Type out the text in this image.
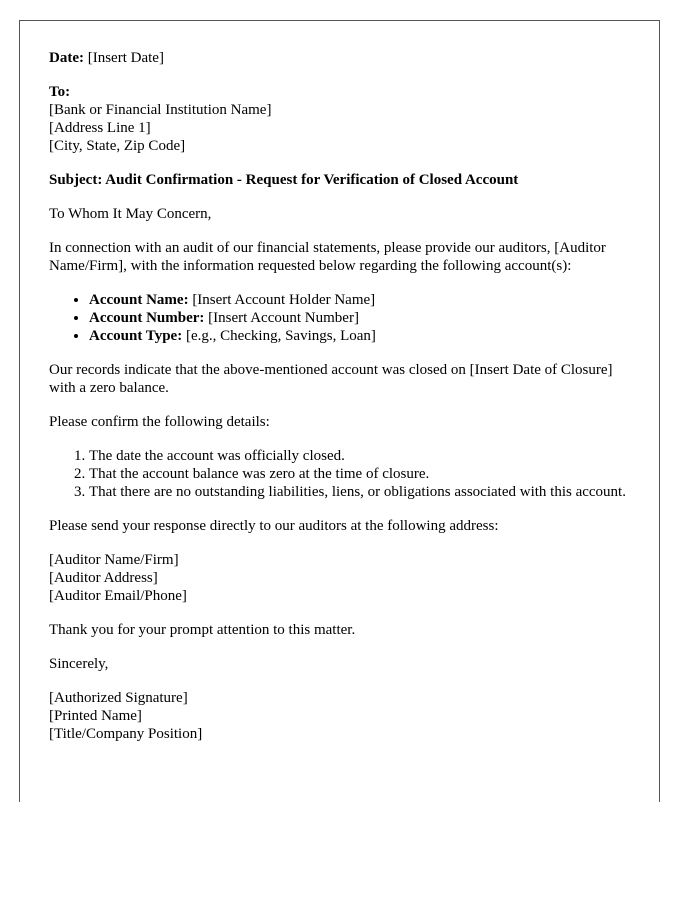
Date: [Insert Date]

To:

[Bank or Financial Institution Name]

[Address Line 1]

[City, State, Zip Code]

Subject: Audit Confirmation - Request for Verification of Closed Account

To Whom It May Concern,

In connection with an audit of our financial statements, please provide our auditors, [Auditor Name/Firm], with the information requested below regarding the following account(s):

• Account Name: [Insert Account Holder Name]
• Account Number: [Insert Account Number]
• Account Type: [e.g., Checking, Savings, Loan]

Our records indicate that the above-mentioned account was closed on [Insert Date of Closure] with a zero balance.

Please confirm the following details:

1. The date the account was officially closed.
2. That the account balance was zero at the time of closure.
3. That there are no outstanding liabilities, liens, or obligations associated with this account.

Please send your response directly to our auditors at the following address:

[Auditor Name/Firm]

[Auditor Address]

[Auditor Email/Phone]

Thank you for your prompt attention to this matter.

Sincerely,

[Authorized Signature]

[Printed Name]

[Title/Company Position]
